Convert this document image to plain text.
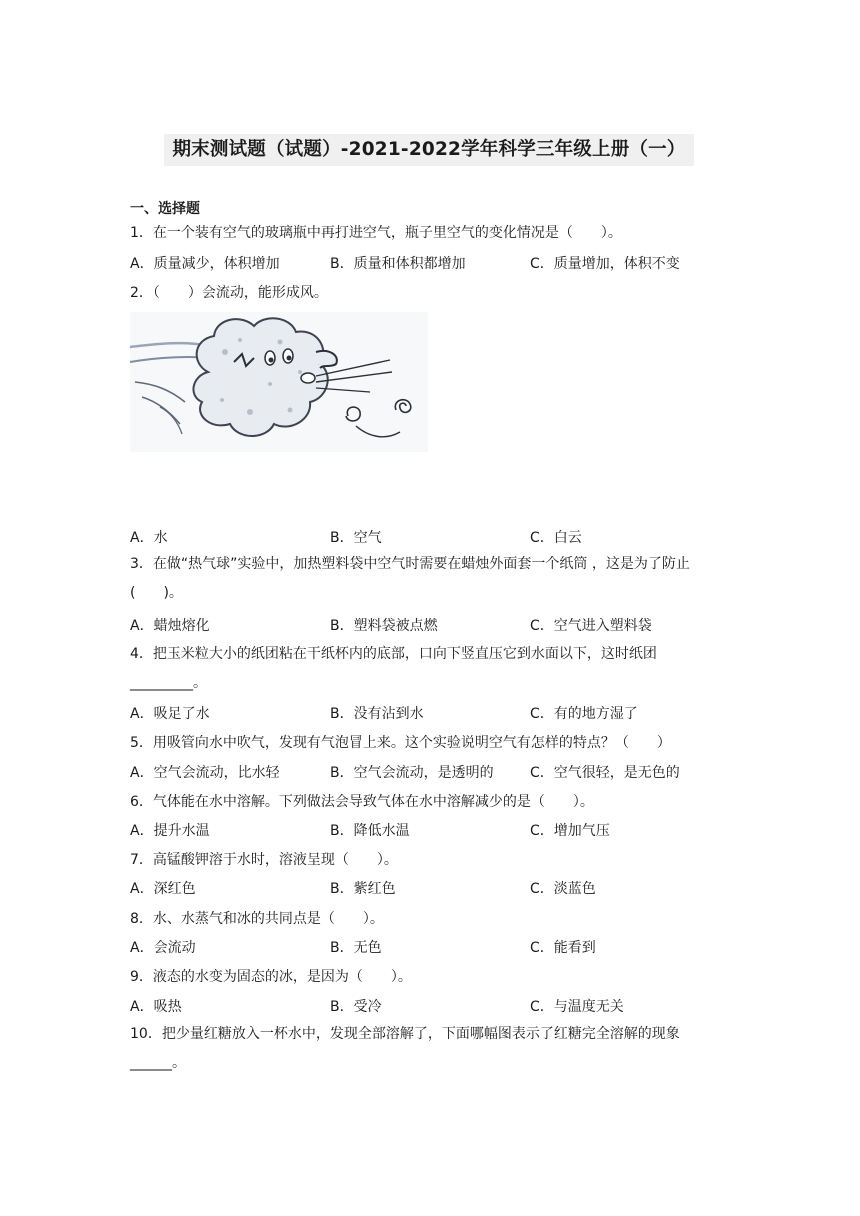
期末测试题（试题）-2021-2022学年科学三年级上册（一）
一、选择题
1．在一个装有空气的玻璃瓶中再打进空气，瓶子里空气的变化情况是（　　）。
A．质量减少，体积增加	B．质量和体积都增加	C．质量增加，体积不变
2．（　　）会流动，能形成风。
A．水	B．空气	C．白云
3．在做“热气球”实验中，加热塑料袋中空气时需要在蜡烛外面套一个纸筒 ，这是为了防止(　　)。
A．蜡烛熔化	B．塑料袋被点燃	C．空气进入塑料袋
4．把玉米粒大小的纸团粘在干纸杯内的底部，口向下竖直压它到水面以下，这时纸团_________。
A．吸足了水	B．没有沾到水	C．有的地方湿了
5．用吸管向水中吹气，发现有气泡冒上来。这个实验说明空气有怎样的特点？（　　）
A．空气会流动，比水轻	B．空气会流动，是透明的	C．空气很轻，是无色的
6．气体能在水中溶解。下列做法会导致气体在水中溶解减少的是（　　）。
A．提升水温	B．降低水温	C．增加气压
7．高锰酸钾溶于水时，溶液呈现（　　）。
A．深红色	B．紫红色	C．淡蓝色
8．水、水蒸气和冰的共同点是（　　）。
A．会流动	B．无色	C．能看到
9．液态的水变为固态的冰，是因为（　　）。
A．吸热	B．受冷	C．与温度无关
10．把少量红糖放入一杯水中，发现全部溶解了，下面哪幅图表示了红糖完全溶解的现象______。
